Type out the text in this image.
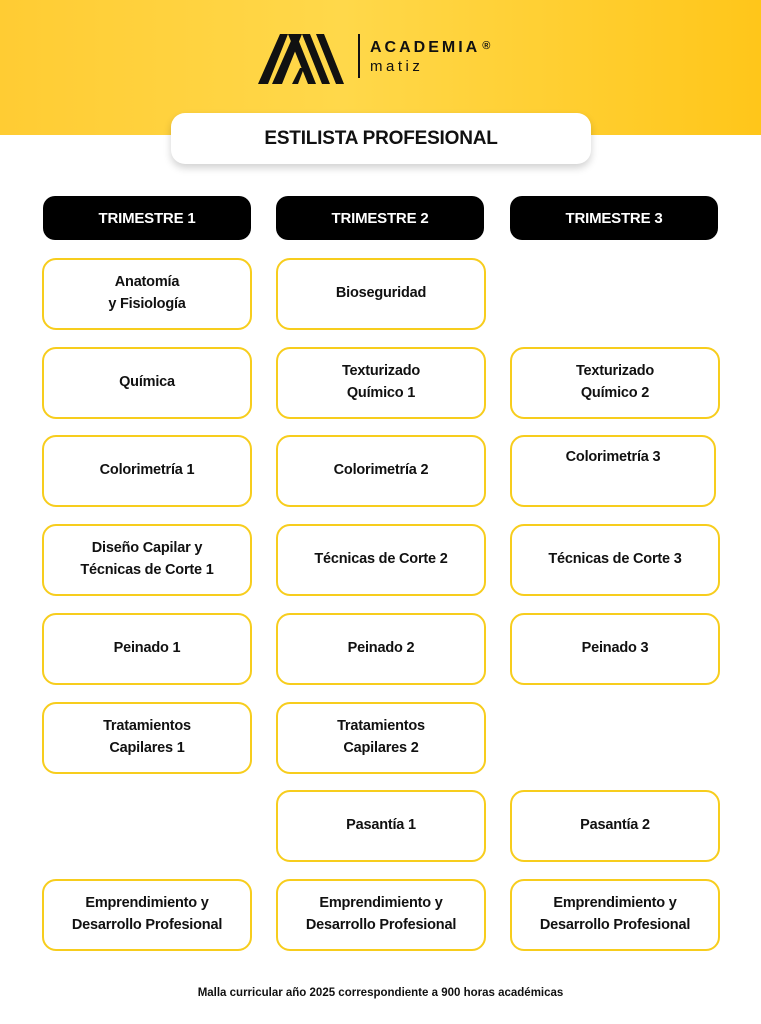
ACADEMIA ®
matiz
ESTILISTA PROFESIONAL
TRIMESTRE 1	TRIMESTRE 2	TRIMESTRE 3
Anatomía
y Fisiología
Química
Colorimetría 1
Diseño Capilar y
Técnicas de Corte 1
Peinado 1
Tratamientos
Capilares 1
Emprendimiento y
Desarrollo Profesional
Bioseguridad
Texturizado
Químico 1
Colorimetría 2
Técnicas de Corte 2
Peinado 2
Tratamientos
Capilares 2
Pasantía 1
Emprendimiento y
Desarrollo Profesional
Texturizado
Químico 2
Colorimetría 3
Técnicas de Corte 3
Peinado 3
Pasantía 2
Emprendimiento y
Desarrollo Profesional
Malla curricular año 2025 correspondiente a 900 horas académicas
